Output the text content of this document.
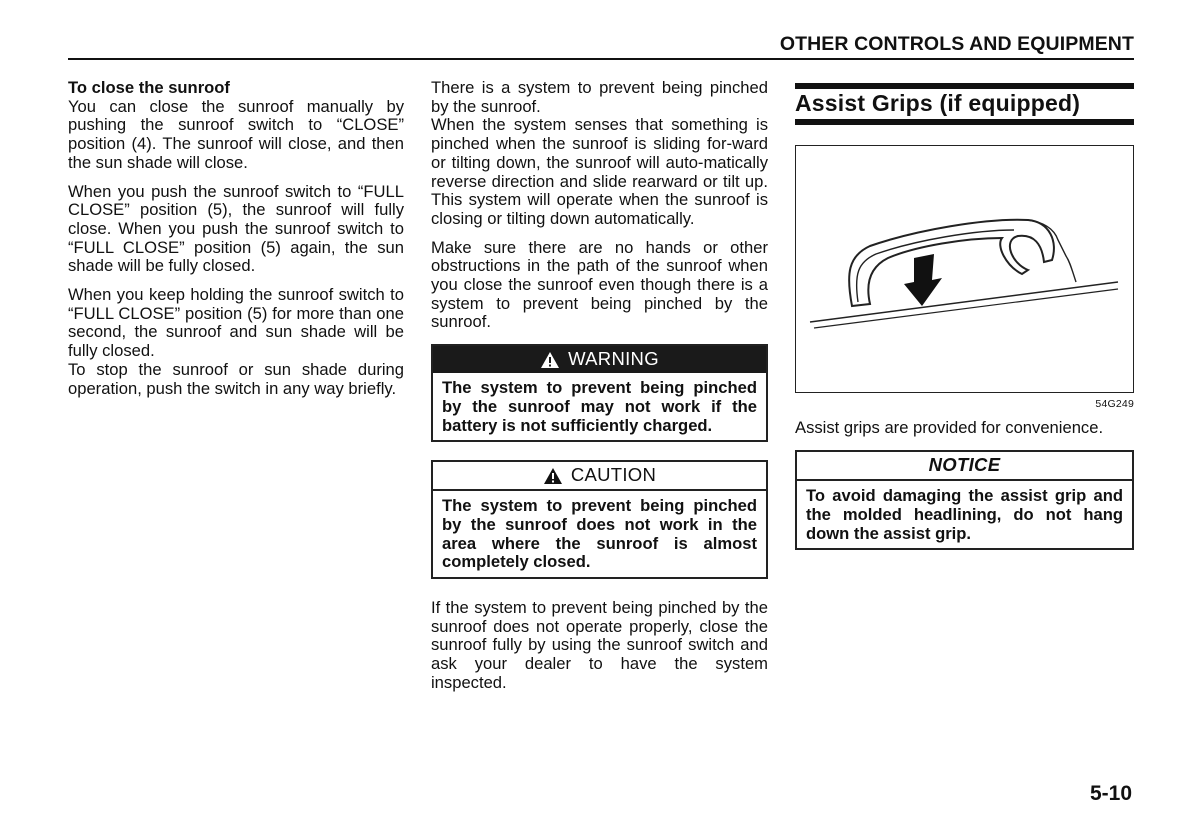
OTHER CONTROLS AND EQUIPMENT

To close the sunroof

You can close the sunroof manually by pushing the sunroof switch to “CLOSE” position (4). The sunroof will close, and then the sun shade will close.

When you push the sunroof switch to “FULL CLOSE” position (5), the sunroof will fully close. When you push the sunroof switch to “FULL CLOSE” position (5) again, the sun shade will be fully closed.

When you keep holding the sunroof switch to “FULL CLOSE” position (5) for more than one second, the sunroof and sun shade will be fully closed.

To stop the sunroof or sun shade during operation, push the switch in any way briefly.

There is a system to prevent being pinched by the sunroof.

When the system senses that something is pinched when the sunroof is sliding for-ward or tilting down, the sunroof will auto-matically reverse direction and slide rearward or tilt up. This system will operate when the sunroof is closing or tilting down automatically.

Make sure there are no hands or other obstructions in the path of the sunroof when you close the sunroof even though there is a system to prevent being pinched by the sunroof.

WARNING
The system to prevent being pinched by the sunroof may not work if the battery is not sufficiently charged.
CAUTION
The system to prevent being pinched by the sunroof does not work in the area where the sunroof is almost completely closed.

If the system to prevent being pinched by the sunroof does not operate properly, close the sunroof fully by using the sunroof switch and ask your dealer to have the system inspected.

Assist Grips (if equipped)
54G249

Assist grips are provided for convenience.

NOTICE
To avoid damaging the assist grip and the molded headlining, do not hang down the assist grip.
5-10
